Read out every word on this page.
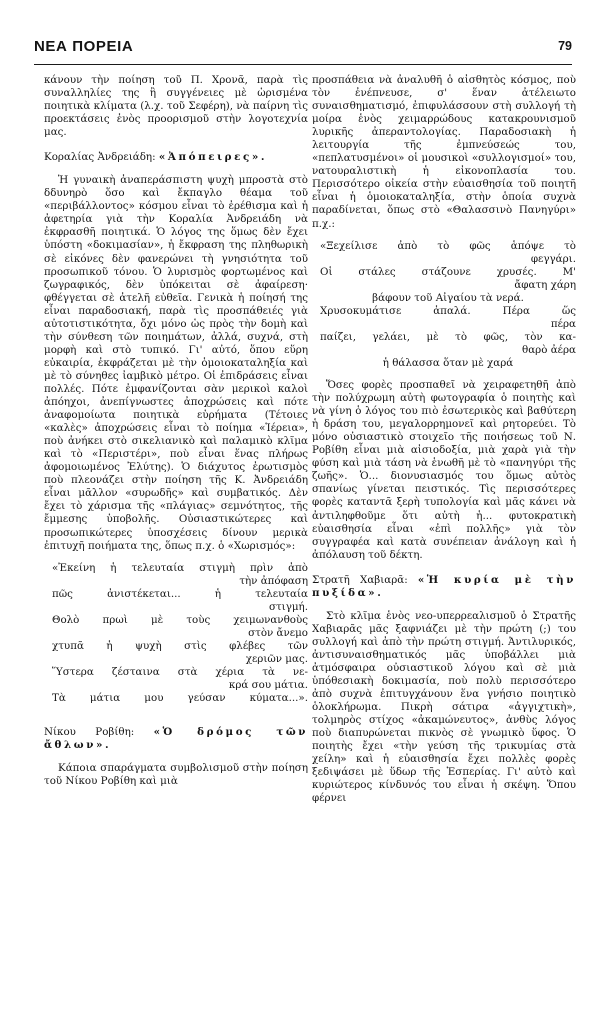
ΝΕΑ ΠΟΡΕΙΑ	79

κάνουν τὴν ποίηση τοῦ Π. Χρονᾶ, παρὰ τὶς συναλληλίες της ἢ συγγένειες μὲ ὡρισμένα ποιητικὰ κλίματα (λ.χ. τοῦ Σεφέρη), νὰ παίρνη τὶς προεκτάσεις ἑνὸς προορισμοῦ στὴν λογοτεχνία μας.

Κοραλίας Ἀνδρειάδη: «Ἀπόπειρες».

Ἡ γυναικὴ ἀναπεράσπιστη ψυχὴ μπροστὰ στὸ δδυνηρὸ ὅσο καὶ ἔκπαγλο θέαμα τοῦ «περιβάλλοντος» κόσμου εἶναι τὸ ἐρέθισμα καὶ ἡ ἀφετηρία γιὰ τὴν Κοραλία Ἀνδρειάδη νὰ ἐκφρασθῆ ποιητικά. Ὁ λόγος της ὅμως δὲν ἔχει ὑπόστη «δοκιμασίαν», ἡ ἔκφραση της πληθωρικὴ σὲ εἰκόνες δὲν φανερώνει τὴ γνησιότητα τοῦ προσωπικοῦ τόνου. Ὁ λυρισμὸς φορτωμένος καὶ ζωγραφικός, δὲν ὑπόκειται σὲ ἀφαίρεση· φθέγγεται σὲ ἀτελῆ εὐθεῖα. Γενικὰ ἡ ποίησή της εἶναι παραδοσιακή, παρὰ τὶς προσπάθειές γιὰ αὐτοτιστικότητα, ὄχι μόνο ὡς πρὸς τὴν δομὴ καὶ τὴν σύνθεση τῶν ποιημάτων, ἀλλά, συχνά, στὴ μορφὴ καὶ στὸ τυπικό. Γι' αὐτό, ὅπου εὕρη εὐκαιρία, ἐκφράζεται μὲ τὴν ὁμοιοκαταληξία καὶ μὲ τὸ σύνηθες ἰαμβικὸ μέτρο. Οἱ ἐπιδράσεις εἶναι πολλές. Πότε ἐμφανίζονται σὰν μερικοὶ καλοὶ ἀπόηχοι, ἀνεπίγνωστες ἀποχρώσεις καὶ πότε ἀναφομοίωτα ποιητικὰ εὑρήματα (Τέτοιες «καλὲς» ἀποχρώσεις εἶναι τὸ ποίημα «Ἱέρεια», ποὺ ἀνήκει στὸ σικελιανικὸ καὶ παλαμικὸ κλῖμα καὶ τὸ «Περιστέρι», ποὺ εἶναι ἕνας πλήρως ἀφομοιωμένος Ἐλύτης). Ὁ διάχυτος ἐρωτισμὸς ποὺ πλεονάζει στὴν ποίηση τῆς Κ. Ἀνδρειάδη εἶναι μᾶλλον «συρωδῆς» καὶ συμβατικός. Δὲν ἔχει τὸ χάρισμα τῆς «πλάγιας» σεμνότητος, τῆς ἔμμεσης ὑποβολῆς. Οὐσιαστικώτερες καὶ προσωπικώτερες ὑποσχέσεις δίνουν μερικὰ ἐπιτυχῆ ποιήματα της, ὅπως π.χ. ὁ «Χωρισμός»:

«Ἐκείνη ἡ τελευταία στιγμὴ πρὶν ἀπὸ
τὴν ἀπόφαση
πῶς ἀνιστέκεται... ἡ τελευταία
στιγμή.
Θολὸ πρωὶ μὲ τοὺς χειμωνανθοὺς
στὸν ἄνεμο
χτυπᾶ ἡ ψυχὴ στὶς φλέβες τῶν
χεριῶν μας.
Ὕστερα ζέσταινα στὰ χέρια τὰ νε-
κρά σου μάτια.
Τὰ μάτια μου γεύσαν κύματα...».
Νίκου Ροβίθη: «Ὁ δρόμος τῶν ἄθλων».

Κάποια σπαράγματα συμβολισμοῦ στὴν ποίηση τοῦ Νίκου Ροβίθη καὶ μιὰ

προσπάθεια νὰ ἀναλυθῆ ὁ αἰσθητὸς κόσμος, ποὺ τὸν ἐνέπνευσε, σ' ἕναν ἀτέλειωτο συναισθηματισμό, ἐπιφυλάσσουν στὴ συλλογή τὴ μοίρα ἑνὸς χειμαρρώδους κατακρουνισμοῦ λυρικῆς ἀπεραντολογίας. Παραδοσιακὴ ἡ λειτουργία τῆς ἐμπνεύσεώς του, «πεπλατυσμένοι» οἱ μουσικοὶ «συλλογισμοί» του, νατουραλιστικὴ ἡ εἰκονοπλασία του. Περισσότερο οἰκεία στὴν εὐαισθησία τοῦ ποιητῆ εἶναι ἡ ὁμοιοκαταληξία, στὴν ὁποία συχνὰ παραδίνεται, ὅπως στὸ «Θαλασσινὸ Πανηγύρι» π.χ.:

«Ξεχείλισε ἀπὸ τὸ φῶς ἁπόψε τὸ
φεγγάρι.
Οἱ στάλες στάζουνε χρυσές. Μ'
ἄφατη χάρη
βάφουν τοῦ Αἰγαίου τὰ νερά.
Χρυσοκυμάτισε ἁπαλά. Πέρα ὥς
πέρα
παίζει, γελάει, μὲ τὸ φῶς, τὸν κα-
θαρὸ ἀέρα
ἡ θάλασσα ὅταν μὲ χαρά

Ὅσες φορὲς προσπαθεῖ νὰ χειραφετηθῆ ἀπὸ τὴν πολύχρωμη αὐτὴ φωτογραφία ὁ ποιητὴς καὶ νὰ γίνη ὁ λόγος του πιὸ ἐσωτερικὸς καὶ βαθύτερη ἡ δράση του, μεγαλορρημονεῖ καὶ ρητορεύει. Τὸ μόνο οὐσιαστικὸ στοιχεῖο τῆς ποιήσεως τοῦ Ν. Ροβίθη εἶναι μιὰ αἰσιοδοξία, μιὰ χαρὰ γιὰ τὴν φύση καὶ μιὰ τάση νὰ ἑνωθῆ μὲ τὸ «πανηγύρι τῆς ζωῆς». Ὁ... διονυσιασμός του ὅμως αὐτὸς σπανίως γίνεται πειστικός. Τὶς περισσότερες φορὲς καταντᾶ ξερὴ τυπολογία καὶ μᾶς κάνει νὰ ἀντιληφθοῦμε ὅτι αὐτὴ ἡ... φυτοκρατικὴ εὐαισθησία εἶναι «ἐπὶ πολλῆς» γιὰ τὸν συγγραφέα καὶ κατὰ συνέπειαν ἀνάλογη καὶ ἡ ἀπόλαυση τοῦ δέκτη.

Στρατῆ Χαβιαρᾶ: «Ἡ κυρία μὲ τὴν πυξίδα».

Στὸ κλῖμα ἑνὸς νεο-υπερρεαλισμοῦ ὁ Στρατῆς Χαβιαρᾶς μᾶς ξαφνιάζει μὲ τὴν πρώτη (;) του συλλογή καὶ ἀπὸ τὴν πρώτη στιγμή. Ἀντιλυρικός, ἀντισυναισθηματικός μᾶς ὑποβάλλει μιὰ ἀτμόσφαιρα οὐσιαστικοῦ λόγου καὶ σὲ μιὰ ὑπόθεσιακὴ δοκιμασία, ποὺ πολὺ περισσότερο ἀπὸ συχνὰ ἐπιτυγχάνουν ἕνα γνήσιο ποιητικὸ ὁλοκλήρωμα. Πικρὴ σάτιρα «ἀγγιχτικὴ», τολμηρὸς στίχος «ἀκαμώνευτος», ἀνθὺς λόγος ποὺ διαπυρώνεται πικνὸς σὲ γνωμικὸ ὕφος. Ὁ ποιητὴς ἔχει «τὴν γεύση τῆς τρικυμίας στὰ χείλη» καὶ ἡ εὐαισθησία ἔχει πολλὲς φορὲς ξεδιψάσει μὲ ὕδωρ τῆς Ἑσπερίας. Γι' αὐτὸ καὶ κυριώτερος κίνδυνός του εἶναι ἡ σκέψη. Ὅπου φέρνει
